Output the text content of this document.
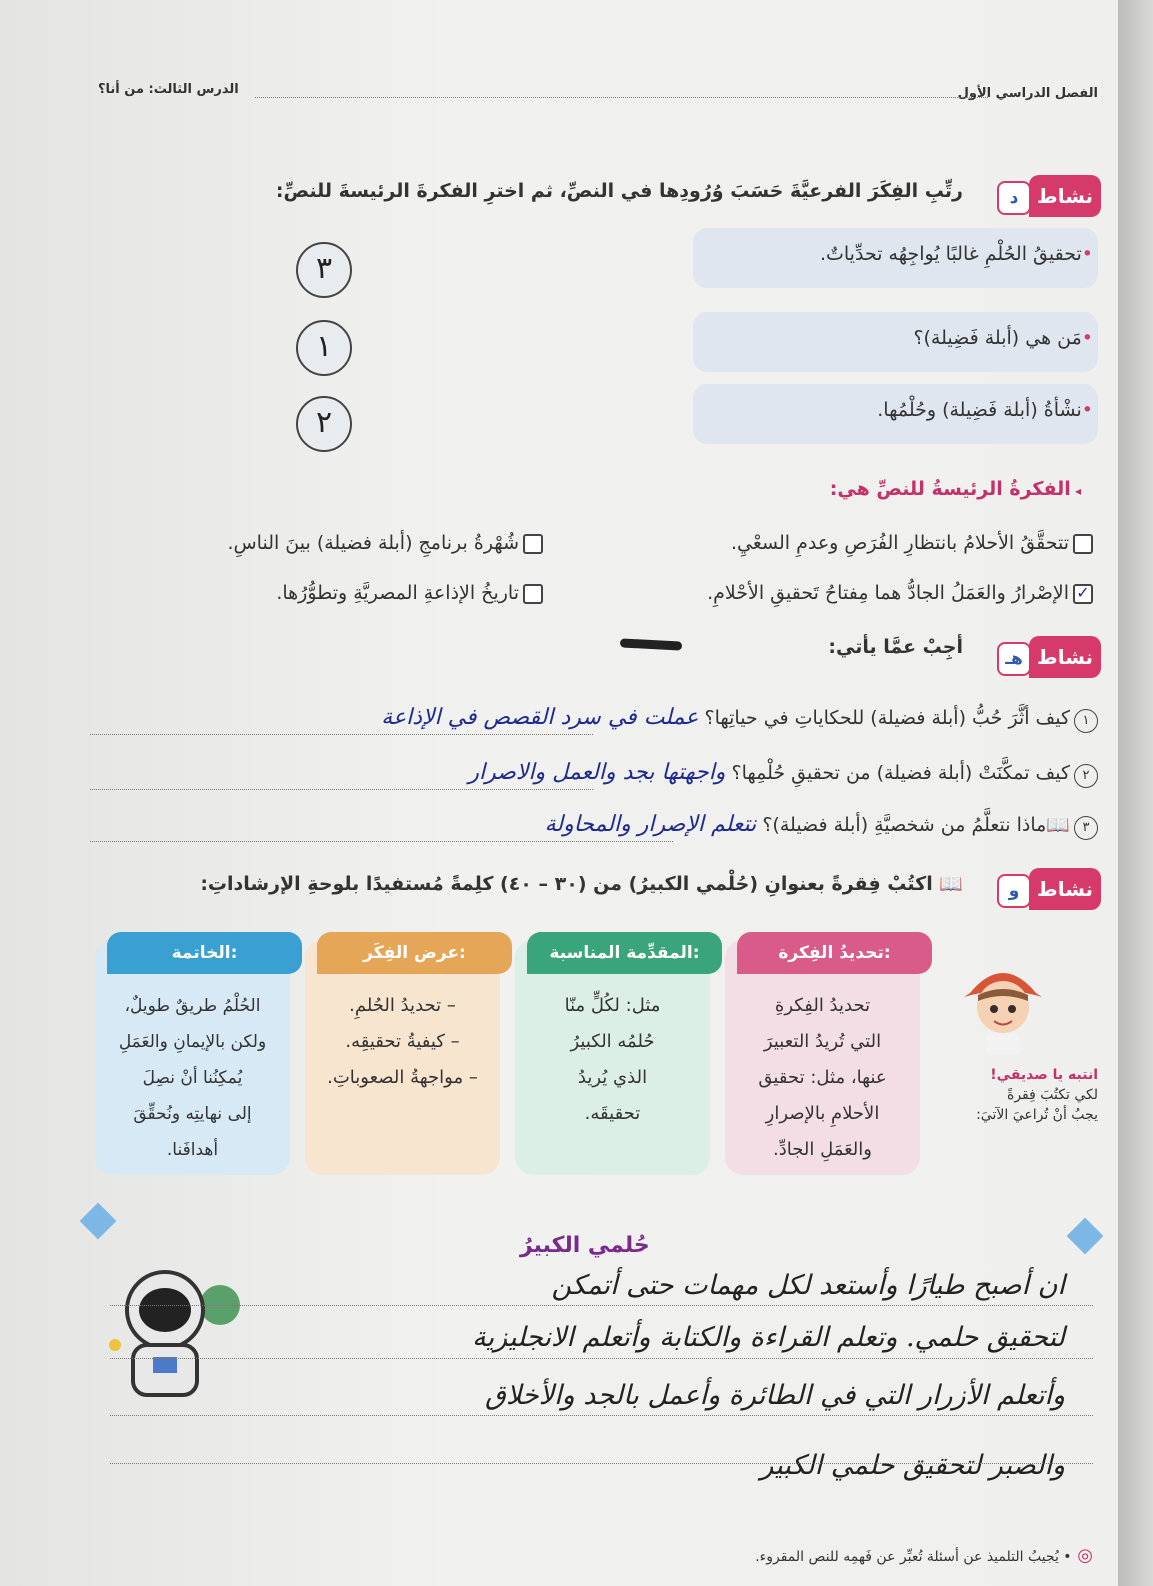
الفصل الدراسي الأول
الدرس الثالث: من أنا؟
نشاط
د
رتِّبِ الفِكَرَ الفرعيَّةَ حَسَبَ وُرُودِها في النصِّ، ثم اخترِ الفكرةَ الرئيسةَ للنصِّ:
•تحقيقُ الحُلْمِ غالبًا يُواجِهُه تحدِّياتٌ.
٣
•مَن هي (أبلة فَضِيلة)؟
١
•نشْأةُ (أبلة فَضِيلة) وحُلْمُها.
٢
◂ الفكرةُ الرئيسةُ للنصِّ هي:
تتحقَّقُ الأحلامُ بانتظارِ الفُرَصِ وعدمِ السعْيِ.
شُهْرةُ برنامجِ (أبلة فضيلة) بينَ الناسِ.
✓الإصْرارُ والعَمَلُ الجادُّ هما مِفتاحُ تَحقيقِ الأحْلامِ.
تاريخُ الإذاعةِ المصريَّةِ وتطوُّرُها.
نشاط
هـ
أجِبْ عمَّا يأتي:
١كيف أثَّرَ حُبُّ (أبلة فضيلة) للحكاياتِ في حياتِها؟ عملت في سرد القصص في الإذاعة
٢كيف تمكَّنَتْ (أبلة فضيلة) من تحقيقِ حُلْمِها؟ واجهتها بجد والعمل والاصرار
٣📖ماذا نتعلَّمُ من شخصيَّةِ (أبلة فضيلة)؟ نتعلم الإصرار والمحاولة
نشاط
و
📖 اكتُبْ فِقرةً بعنوانِ (حُلْمي الكبيرُ) من (٣٠ – ٤٠) كلِمةً مُستفيدًا بلوحةِ الإرشاداتِ:
انتبه يا صديقي!
لكي تكتُبَ فِقرةً
يجبُ أنْ تُراعيَ الآتيَ:
تحديدُ الفِكرة:
تحديدُ الفِكرةِ
التي تُريدُ التعبيرَ
عنها، مثل: تحقيق
الأحلامِ بالإصرارِ
والعَمَلِ الجادِّ.
المقدِّمة المناسبة:
مثل: لكُلٍّ منّا
حُلمُه الكبيرُ
الذي يُريدُ
تحقيقَه.
عرض الفِكَر:
– تحديدُ الحُلمِ.
– كيفيةُ تحقيقِه.
– مواجهةُ الصعوباتِ.
الخاتمة:
الحُلْمُ طريقٌ طويلٌ،
ولكن بالإيمانِ والعَمَلِ
يُمكِنُنا أنْ نصِلَ
إلى نهايتِه ونُحقِّقَ
أهدافَنا.
حُلمي الكبيرُ
ان أصبح طيارًا وأستعد لكل مهمات حتى أتمكن
لتحقيق حلمي. وتعلم القراءة والكتابة وأتعلم الانجليزية
وأتعلم الأزرار التي في الطائرة وأعمل بالجد والأخلاق
والصبر لتحقيق حلمي الكبير
◎ • يُجيبُ التلميذ عن أسئلة تُعبِّر عن فَهمِه للنص المقروء.
